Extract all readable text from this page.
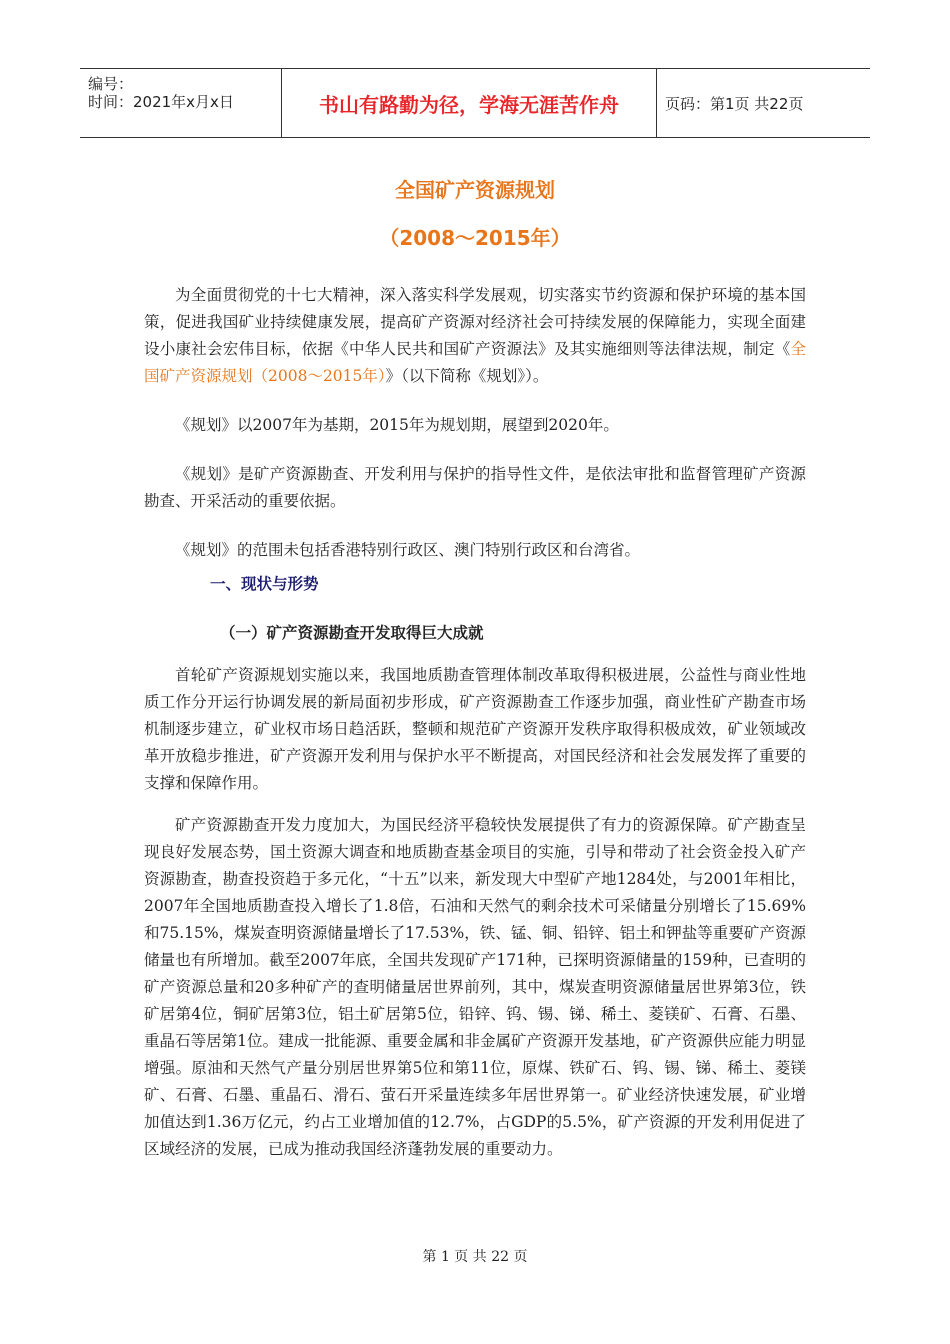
编号：
时间：2021年x月x日	书山有路勤为径，学海无涯苦作舟	页码：第1页 共22页
全国矿产资源规划
（2008～2015年）

为全面贯彻党的十七大精神，深入落实科学发展观，切实落实节约资源和保护环境的基本国策，促进我国矿业持续健康发展，提高矿产资源对经济社会可持续发展的保障能力，实现全面建设小康社会宏伟目标，依据《中华人民共和国矿产资源法》及其实施细则等法律法规，制定《全国矿产资源规划（2008～2015年）》（以下简称《规划》）。

《规划》以2007年为基期，2015年为规划期，展望到2020年。

《规划》是矿产资源勘查、开发利用与保护的指导性文件，是依法审批和监督管理矿产资源勘查、开采活动的重要依据。

《规划》的范围未包括香港特别行政区、澳门特别行政区和台湾省。

一、现状与形势
（一）矿产资源勘查开发取得巨大成就

首轮矿产资源规划实施以来，我国地质勘查管理体制改革取得积极进展，公益性与商业性地质工作分开运行协调发展的新局面初步形成，矿产资源勘查工作逐步加强，商业性矿产勘查市场机制逐步建立，矿业权市场日趋活跃，整顿和规范矿产资源开发秩序取得积极成效，矿业领域改革开放稳步推进，矿产资源开发利用与保护水平不断提高，对国民经济和社会发展发挥了重要的支撑和保障作用。

矿产资源勘查开发力度加大，为国民经济平稳较快发展提供了有力的资源保障。矿产勘查呈现良好发展态势，国土资源大调查和地质勘查基金项目的实施，引导和带动了社会资金投入矿产资源勘查，勘查投资趋于多元化，“十五”以来，新发现大中型矿产地1284处，与2001年相比，2007年全国地质勘查投入增长了1.8倍，石油和天然气的剩余技术可采储量分别增长了15.69%和75.15%，煤炭查明资源储量增长了17.53%，铁、锰、铜、铅锌、铝土和钾盐等重要矿产资源储量也有所增加。截至2007年底，全国共发现矿产171种，已探明资源储量的159种，已查明的矿产资源总量和20多种矿产的查明储量居世界前列，其中，煤炭查明资源储量居世界第3位，铁矿居第4位，铜矿居第3位，铝土矿居第5位，铅锌、钨、锡、锑、稀土、菱镁矿、石膏、石墨、重晶石等居第1位。建成一批能源、重要金属和非金属矿产资源开发基地，矿产资源供应能力明显增强。原油和天然气产量分别居世界第5位和第11位，原煤、铁矿石、钨、锡、锑、稀土、菱镁矿、石膏、石墨、重晶石、滑石、萤石开采量连续多年居世界第一。矿业经济快速发展，矿业增加值达到1.36万亿元，约占工业增加值的12.7%，占GDP的5.5%，矿产资源的开发利用促进了区域经济的发展，已成为推动我国经济蓬勃发展的重要动力。

第 1 页 共 22 页
